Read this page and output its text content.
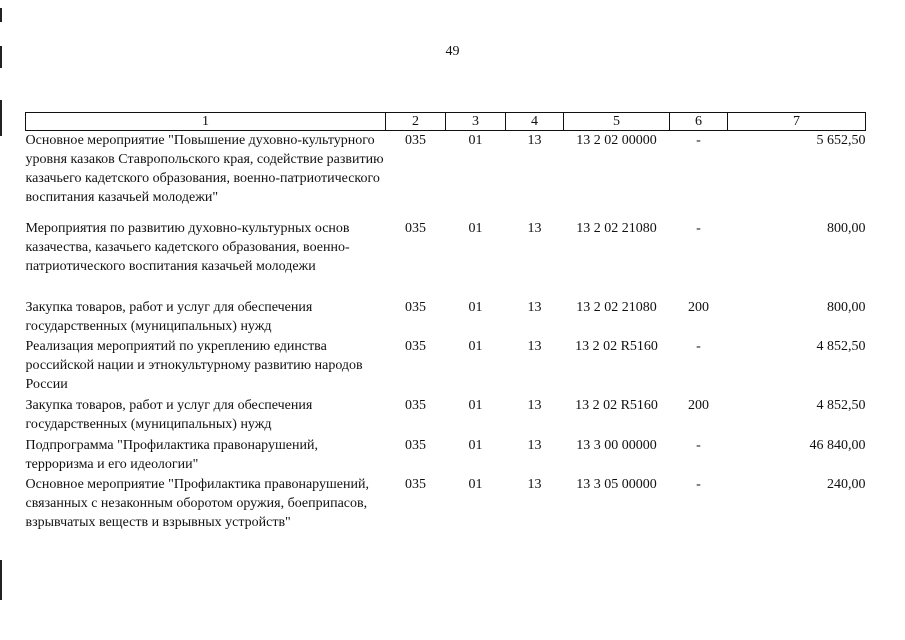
49
1	2	3	4	5	6	7
Основное мероприятие "Повышение духовно-культурного уровня казаков Ставропольского края, содействие развитию казачьего кадетского образования, военно-патриотического воспитания казачьей молодежи"	035	01	13	13 2 02 00000	-	5 652,50
Мероприятия по развитию духовно-культурных основ казачества, казачьего кадетского образования, военно-патриотического воспитания казачьей молодежи	035	01	13	13 2 02 21080	-	800,00
Закупка товаров, работ и услуг для обеспечения государственных (муниципальных) нужд	035	01	13	13 2 02 21080	200	800,00
Реализация мероприятий по укреплению единства российской нации и этнокультурному развитию народов России	035	01	13	13 2 02 R5160	-	4 852,50
Закупка товаров, работ и услуг для обеспечения государственных (муниципальных) нужд	035	01	13	13 2 02 R5160	200	4 852,50
Подпрограмма "Профилактика правонарушений, терроризма и его идеологии"	035	01	13	13 3 00 00000	-	46 840,00
Основное мероприятие "Профилактика правонарушений, связанных с незаконным оборотом оружия, боеприпасов, взрывчатых веществ и взрывных устройств"	035	01	13	13 3 05 00000	-	240,00
